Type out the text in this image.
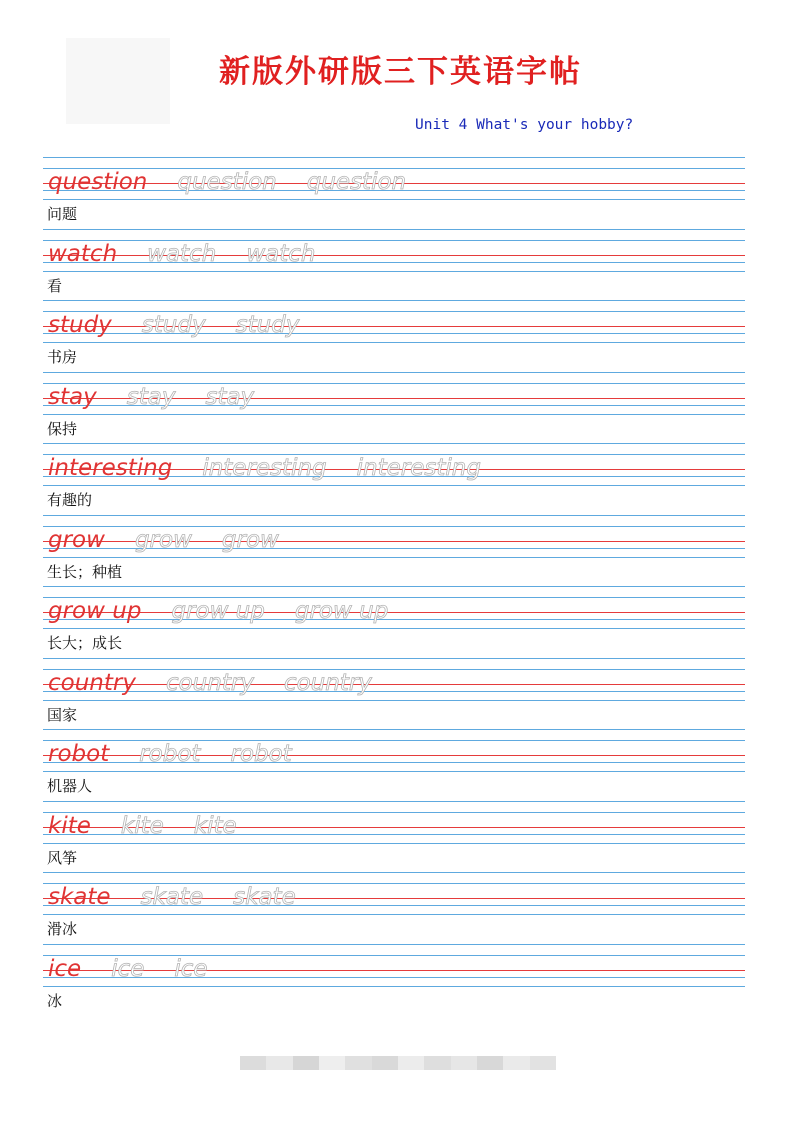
新版外研版三下英语字帖
Unit 4 What's your hobby?
question question question
问题
watch watch watch
看
study study study
书房
stay stay stay
保持
interesting interesting interesting
有趣的
grow grow grow
生长；种植
grow up grow up grow up
长大；成长
country country country
国家
robot robot robot
机器人
kite kite kite
风筝
skate skate skate
滑冰
ice ice ice
冰
